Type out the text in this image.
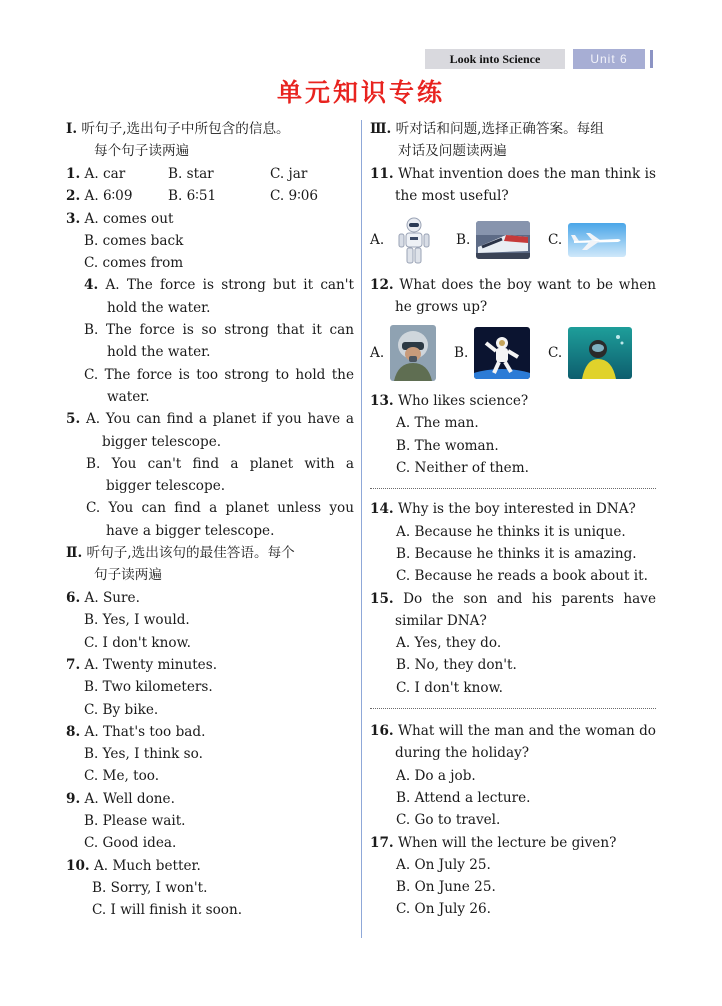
Look into Science	Unit 6
单元知识专练
Ⅰ. 听句子,选出句子中所包含的信息。
每个句子读两遍
1. A. car	B. star	C. jar
2. A. 6∶09	B. 6∶51	C. 9∶06
3. A. comes out
B. comes back
C. comes from
4. A. The force is strong but it can't hold the water.
B. The force is so strong that it can hold the water.
C. The force is too strong to hold the water.
5. A. You can find a planet if you have a bigger telescope.
B. You can't find a planet with a bigger telescope.
C. You can find a planet unless you have a bigger telescope.
Ⅱ. 听句子,选出该句的最佳答语。每个
句子读两遍
6. A. Sure.
B. Yes, I would.
C. I don't know.
7. A. Twenty minutes.
B. Two kilometers.
C. By bike.
8. A. That's too bad.
B. Yes, I think so.
C. Me, too.
9. A. Well done.
B. Please wait.
C. Good idea.
10. A. Much better.
B. Sorry, I won't.
C. I will finish it soon.
Ⅲ. 听对话和问题,选择正确答案。每组
对话及问题读两遍
11. What invention does the man think is the most useful?
A.	B.	C.
12. What does the boy want to be when he grows up?
A.	B.	C.
13. Who likes science?
A. The man.
B. The woman.
C. Neither of them.
14. Why is the boy interested in DNA?
A. Because he thinks it is unique.
B. Because he thinks it is amazing.
C. Because he reads a book about it.
15. Do the son and his parents have similar DNA?
A. Yes, they do.
B. No, they don't.
C. I don't know.
16. What will the man and the woman do during the holiday?
A. Do a job.
B. Attend a lecture.
C. Go to travel.
17. When will the lecture be given?
A. On July 25.
B. On June 25.
C. On July 26.
